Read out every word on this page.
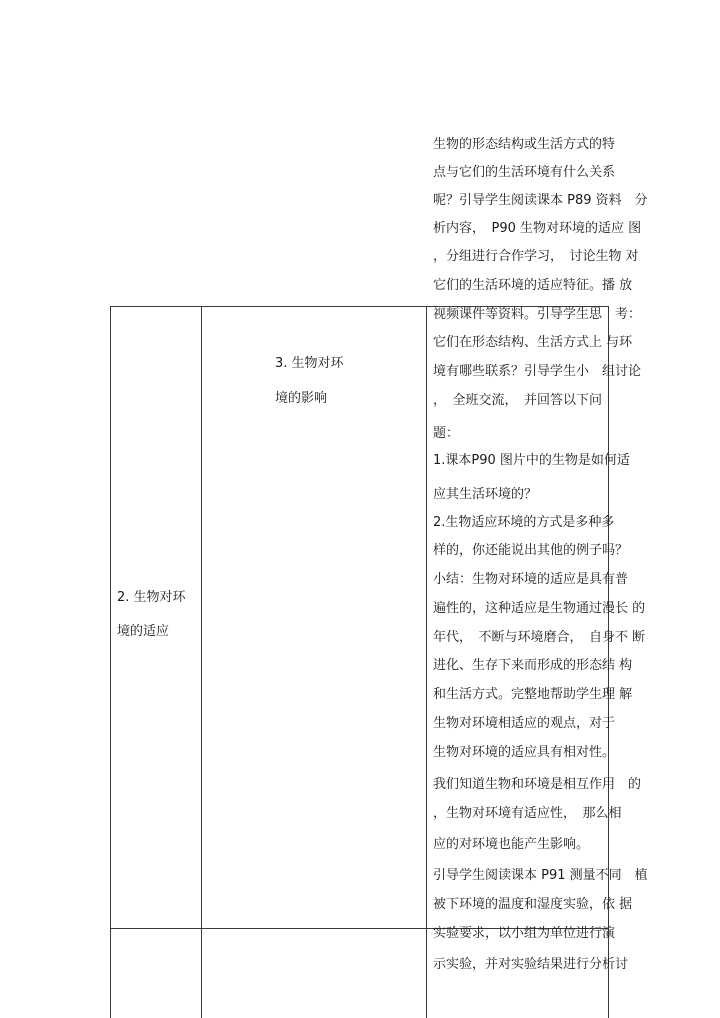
2. 生物对环
境的适应
3. 生物对环
境的影响
生物的形态结构或生活方式的特
点与它们的生活环境有什么关系
呢？引导学生阅读课本 P89 资料　分
析内容，　P90 生物对环境的适应 图
，分组进行合作学习，　讨论生物 对
它们的生活环境的适应特征。播 放
视频课件等资料。引导学生思　考：
它们在形态结构、生活方式上 与环
境有哪些联系？引导学生小　组讨论
，　全班交流，　并回答以下问
题：
1.课本P90 图片中的生物是如何适
应其生活环境的？
2.生物适应环境的方式是多种多
样的，你还能说出其他的例子吗？
小结：生物对环境的适应是具有普
遍性的，这种适应是生物通过漫长 的
年代，　不断与环境磨合，　自身不 断
进化、生存下来而形成的形态结 构
和生活方式。完整地帮助学生理 解
生物对环境相适应的观点，对于
生物对环境的适应具有相对性。
我们知道生物和环境是相互作用　的
，生物对环境有适应性，　那么相
应的对环境也能产生影响。
引导学生阅读课本 P91 测量不同　植
被下环境的温度和湿度实验，依 据
实验要求，以小组为单位进行演
示实验，并对实验结果进行分析讨
